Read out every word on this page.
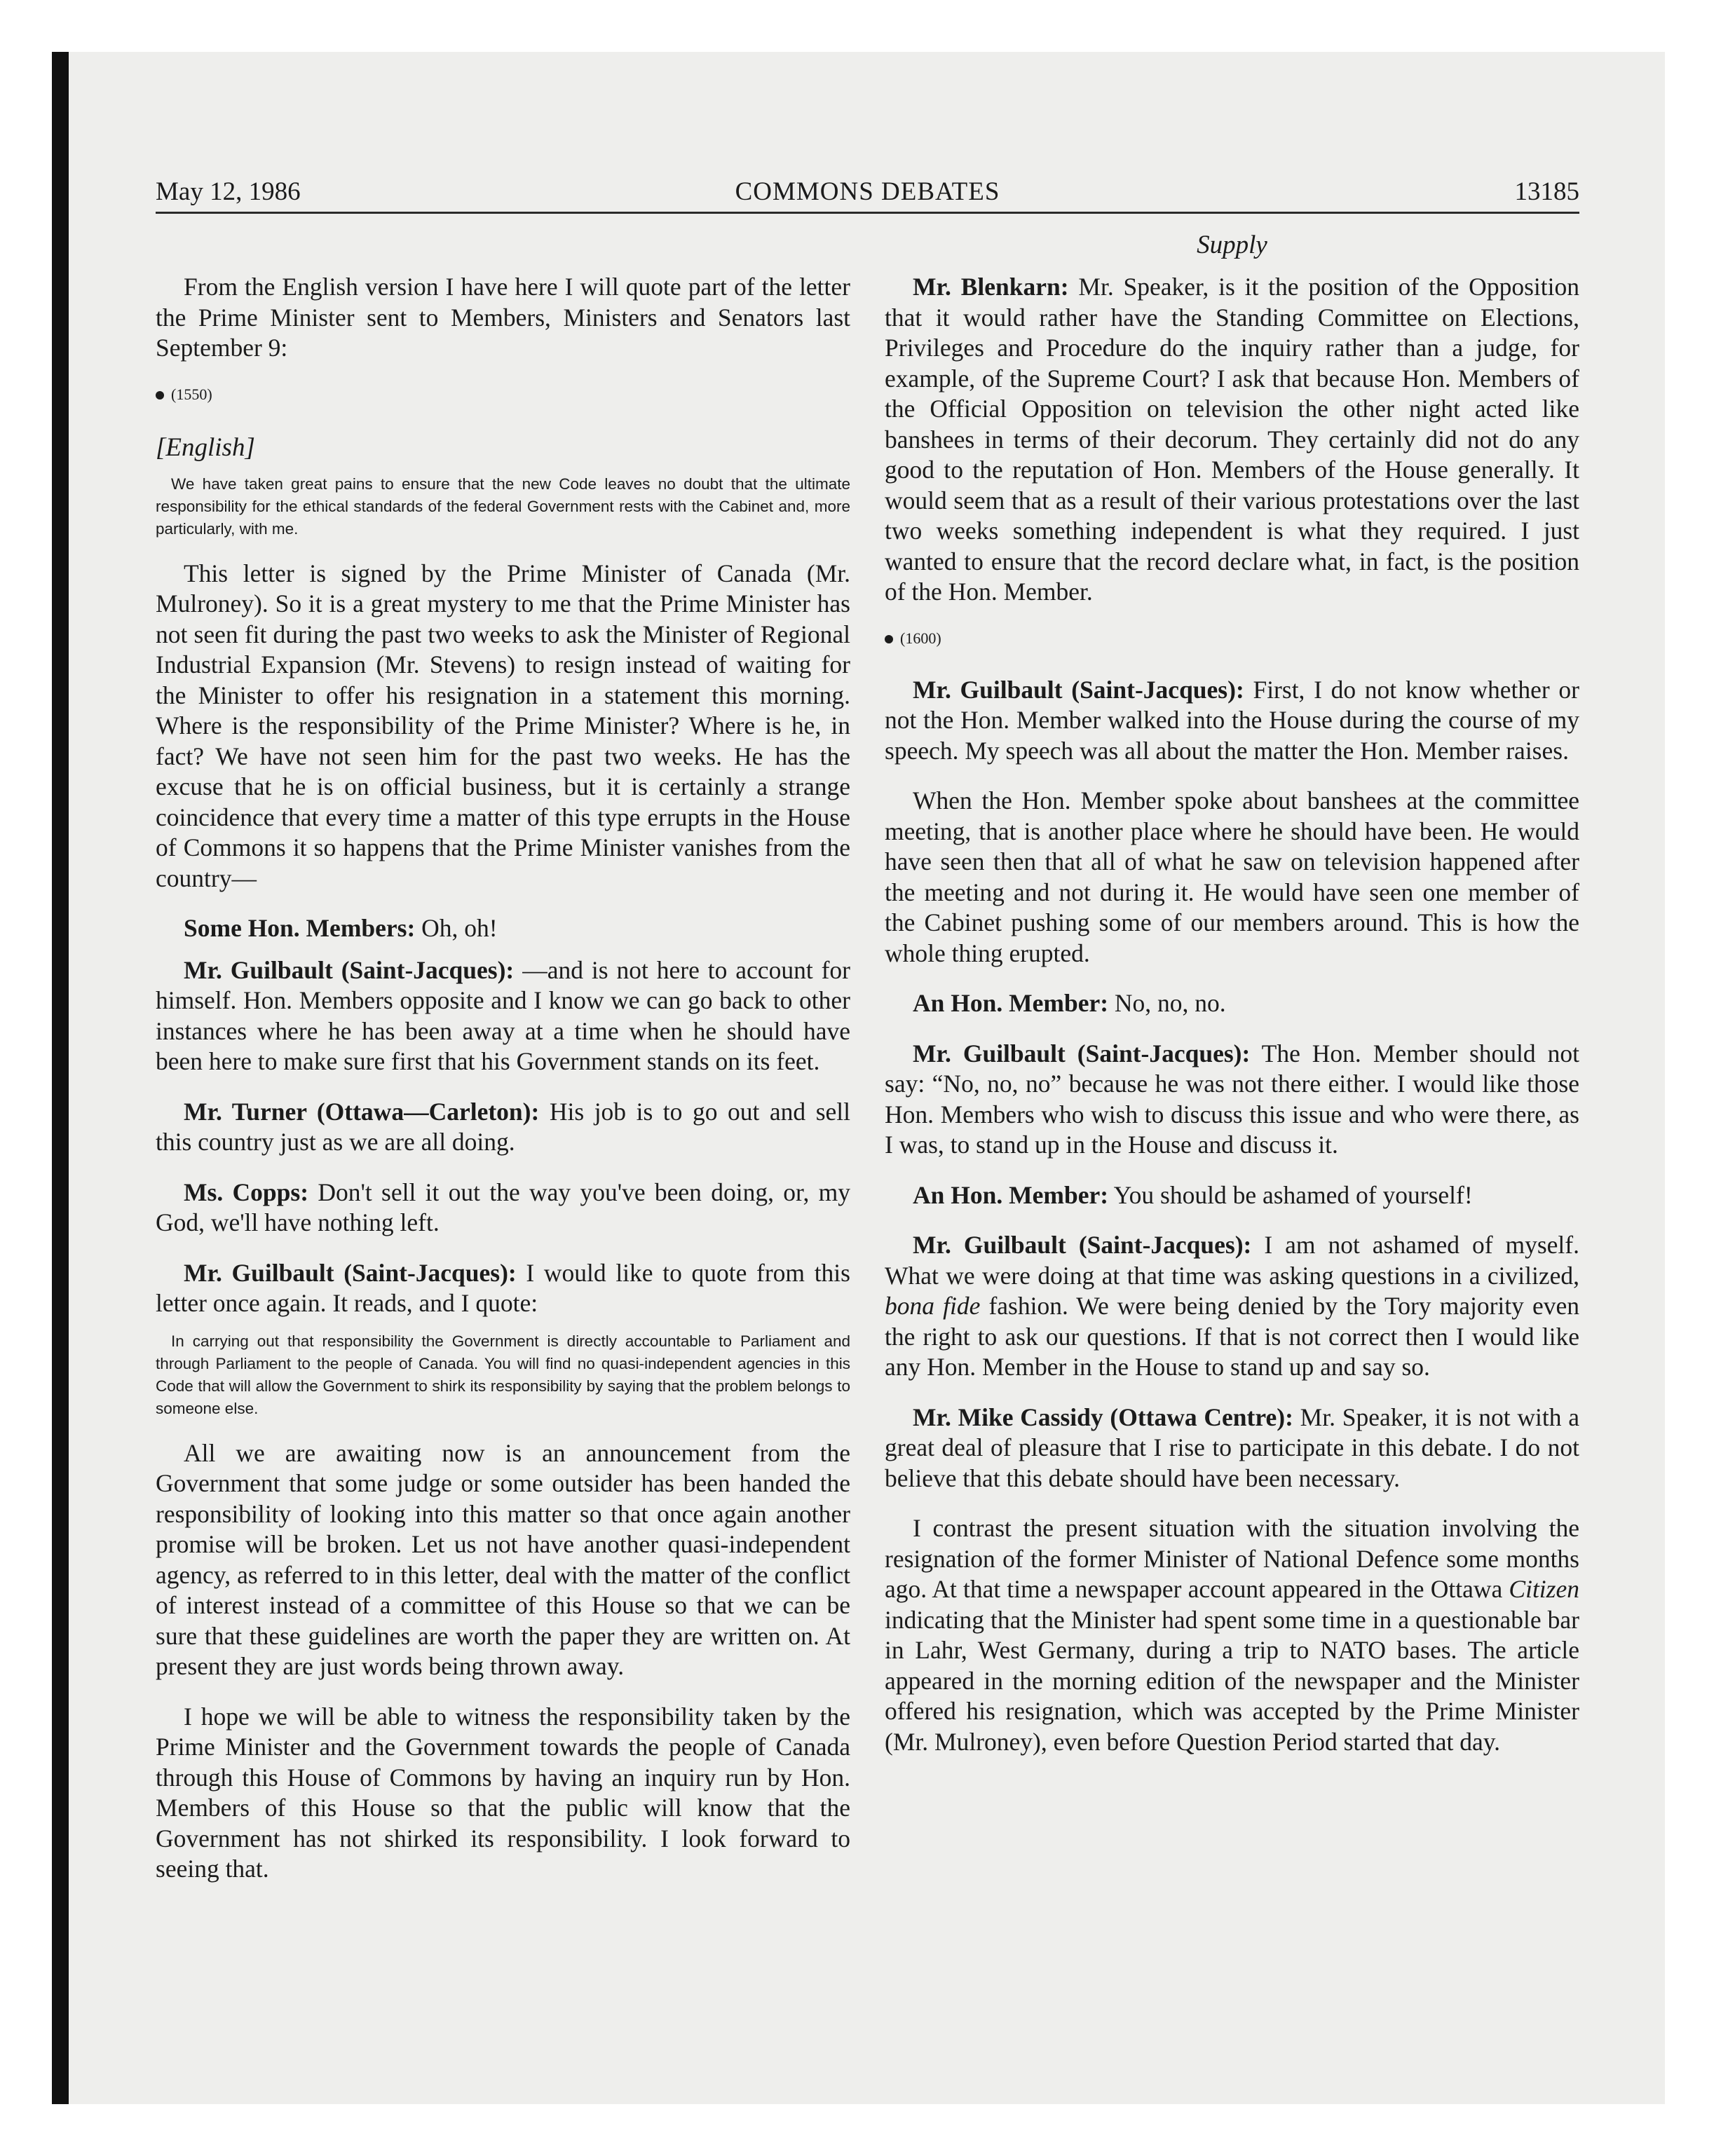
May 12, 1986	COMMONS DEBATES	13185
Supply

From the English version I have here I will quote part of the letter the Prime Minister sent to Members, Ministers and Senators last September 9:

(1550)

[English]

We have taken great pains to ensure that the new Code leaves no doubt that the ultimate responsibility for the ethical standards of the federal Government rests with the Cabinet and, more particularly, with me.

This letter is signed by the Prime Minister of Canada (Mr. Mulroney). So it is a great mystery to me that the Prime Minister has not seen fit during the past two weeks to ask the Minister of Regional Industrial Expansion (Mr. Stevens) to resign instead of waiting for the Minister to offer his resignation in a statement this morning. Where is the responsibility of the Prime Minister? Where is he, in fact? We have not seen him for the past two weeks. He has the excuse that he is on official business, but it is certainly a strange coincidence that every time a matter of this type errupts in the House of Commons it so happens that the Prime Minister vanishes from the country—

Some Hon. Members: Oh, oh!

Mr. Guilbault (Saint-Jacques): —and is not here to account for himself. Hon. Members opposite and I know we can go back to other instances where he has been away at a time when he should have been here to make sure first that his Government stands on its feet.

Mr. Turner (Ottawa—Carleton): His job is to go out and sell this country just as we are all doing.

Ms. Copps: Don't sell it out the way you've been doing, or, my God, we'll have nothing left.

Mr. Guilbault (Saint-Jacques): I would like to quote from this letter once again. It reads, and I quote:

In carrying out that responsibility the Government is directly accountable to Parliament and through Parliament to the people of Canada. You will find no quasi-independent agencies in this Code that will allow the Government to shirk its responsibility by saying that the problem belongs to someone else.

All we are awaiting now is an announcement from the Government that some judge or some outsider has been handed the responsibility of looking into this matter so that once again another promise will be broken. Let us not have another quasi-independent agency, as referred to in this letter, deal with the matter of the conflict of interest instead of a committee of this House so that we can be sure that these guidelines are worth the paper they are written on. At present they are just words being thrown away.

I hope we will be able to witness the responsibility taken by the Prime Minister and the Government towards the people of Canada through this House of Commons by having an inquiry run by Hon. Members of this House so that the public will know that the Government has not shirked its responsibility. I look forward to seeing that.

Mr. Blenkarn: Mr. Speaker, is it the position of the Opposition that it would rather have the Standing Committee on Elections, Privileges and Procedure do the inquiry rather than a judge, for example, of the Supreme Court? I ask that because Hon. Members of the Official Opposition on television the other night acted like banshees in terms of their decorum. They certainly did not do any good to the reputation of Hon. Members of the House generally. It would seem that as a result of their various protestations over the last two weeks something independent is what they required. I just wanted to ensure that the record declare what, in fact, is the position of the Hon. Member.

(1600)

Mr. Guilbault (Saint-Jacques): First, I do not know whether or not the Hon. Member walked into the House during the course of my speech. My speech was all about the matter the Hon. Member raises.

When the Hon. Member spoke about banshees at the committee meeting, that is another place where he should have been. He would have seen then that all of what he saw on television happened after the meeting and not during it. He would have seen one member of the Cabinet pushing some of our members around. This is how the whole thing erupted.

An Hon. Member: No, no, no.

Mr. Guilbault (Saint-Jacques): The Hon. Member should not say: “No, no, no” because he was not there either. I would like those Hon. Members who wish to discuss this issue and who were there, as I was, to stand up in the House and discuss it.

An Hon. Member: You should be ashamed of yourself!

Mr. Guilbault (Saint-Jacques): I am not ashamed of myself. What we were doing at that time was asking questions in a civilized, bona fide fashion. We were being denied by the Tory majority even the right to ask our questions. If that is not correct then I would like any Hon. Member in the House to stand up and say so.

Mr. Mike Cassidy (Ottawa Centre): Mr. Speaker, it is not with a great deal of pleasure that I rise to participate in this debate. I do not believe that this debate should have been necessary.

I contrast the present situation with the situation involving the resignation of the former Minister of National Defence some months ago. At that time a newspaper account appeared in the Ottawa Citizen indicating that the Minister had spent some time in a questionable bar in Lahr, West Germany, during a trip to NATO bases. The article appeared in the morning edition of the newspaper and the Minister offered his resignation, which was accepted by the Prime Minister (Mr. Mulroney), even before Question Period started that day.
